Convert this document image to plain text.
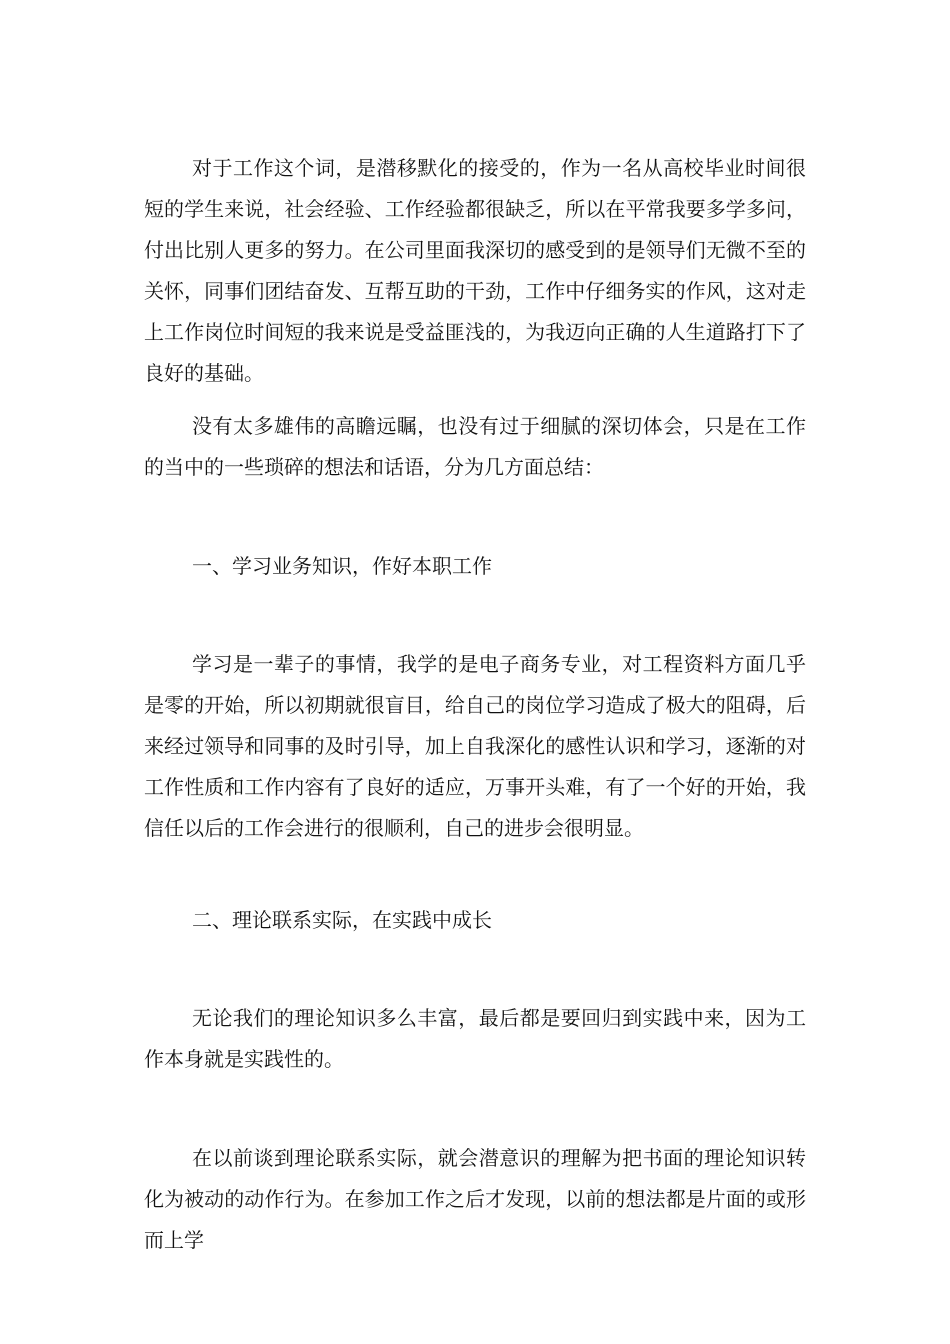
对于工作这个词，是潜移默化的接受的，作为一名从高校毕业时间很短的学生来说，社会经验、工作经验都很缺乏，所以在平常我要多学多问，付出比别人更多的努力。在公司里面我深切的感受到的是领导们无微不至的关怀，同事们团结奋发、互帮互助的干劲，工作中仔细务实的作风，这对走上工作岗位时间短的我来说是受益匪浅的，为我迈向正确的人生道路打下了良好的基础。

没有太多雄伟的高瞻远瞩，也没有过于细腻的深切体会，只是在工作的当中的一些琐碎的想法和话语，分为几方面总结：

一、学习业务知识，作好本职工作

学习是一辈子的事情，我学的是电子商务专业，对工程资料方面几乎是零的开始，所以初期就很盲目，给自己的岗位学习造成了极大的阻碍，后来经过领导和同事的及时引导，加上自我深化的感性认识和学习，逐渐的对工作性质和工作内容有了良好的适应，万事开头难，有了一个好的开始，我信任以后的工作会进行的很顺利，自己的进步会很明显。

二、理论联系实际，在实践中成长

无论我们的理论知识多么丰富，最后都是要回归到实践中来，因为工作本身就是实践性的。

在以前谈到理论联系实际，就会潜意识的理解为把书面的理论知识转化为被动的动作行为。在参加工作之后才发现，以前的想法都是片面的或形而上学
